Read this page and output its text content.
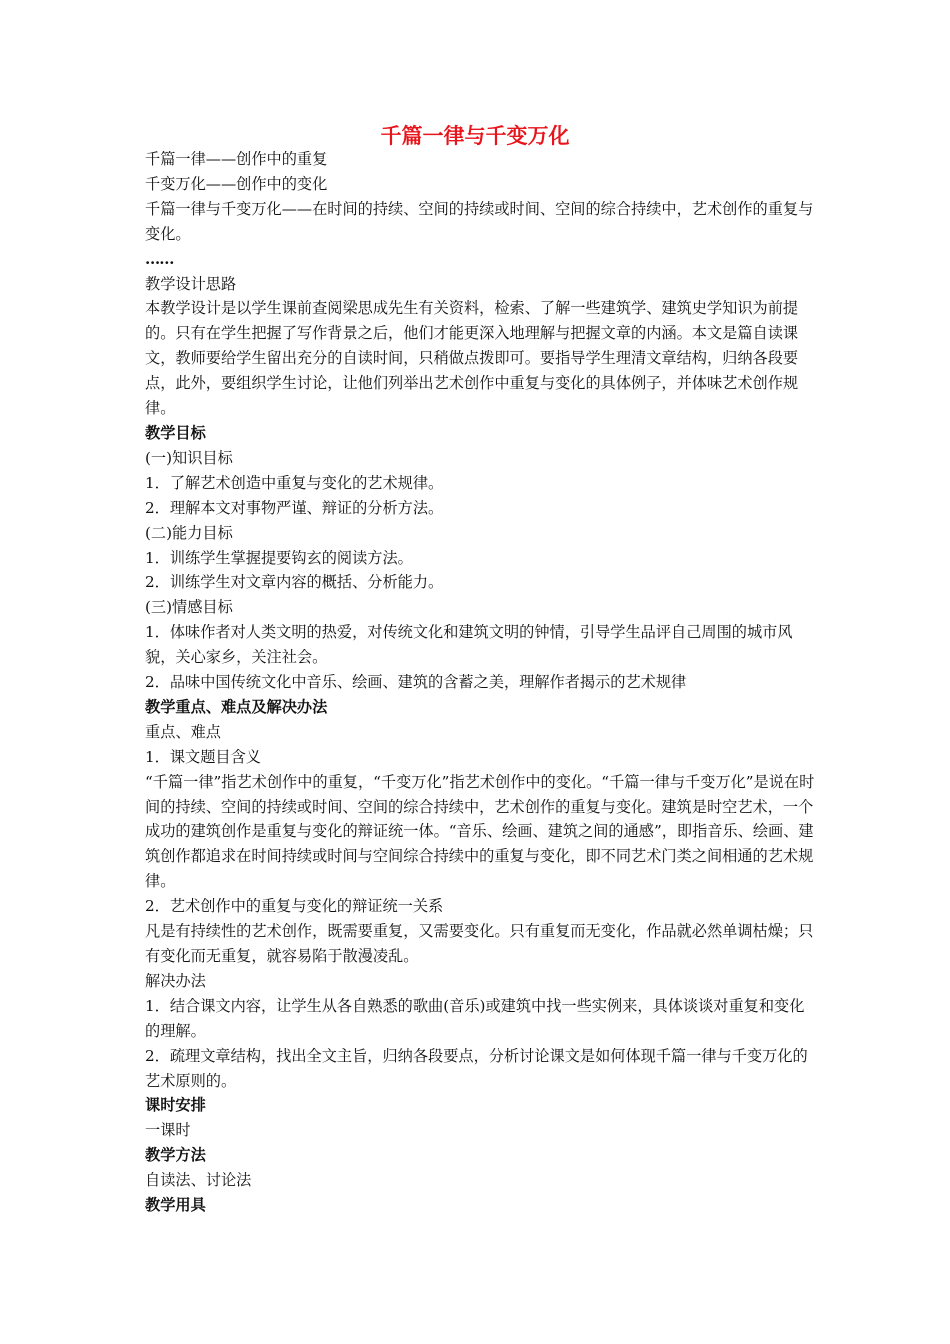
千篇一律与千变万化

千篇一律——创作中的重复

千变万化——创作中的变化

千篇一律与千变万化——在时间的持续、空间的持续或时间、空间的综合持续中，艺术创作的重复与变化。

……

教学设计思路

本教学设计是以学生课前查阅梁思成先生有关资料，检索、了解一些建筑学、建筑史学知识为前提的。只有在学生把握了写作背景之后，他们才能更深入地理解与把握文章的内涵。本文是篇自读课文，教师要给学生留出充分的自读时间，只稍做点拨即可。要指导学生理清文章结构，归纳各段要点，此外，要组织学生讨论，让他们列举出艺术创作中重复与变化的具体例子，并体味艺术创作规律。

教学目标

(一)知识目标

1．了解艺术创造中重复与变化的艺术规律。

2．理解本文对事物严谨、辩证的分析方法。

(二)能力目标

1．训练学生掌握提要钩玄的阅读方法。

2．训练学生对文章内容的概括、分析能力。

(三)情感目标

1．体味作者对人类文明的热爱，对传统文化和建筑文明的钟情，引导学生品评自己周围的城市风貌，关心家乡，关注社会。

2．品味中国传统文化中音乐、绘画、建筑的含蓄之美，理解作者揭示的艺术规律

教学重点、难点及解决办法

重点、难点

1．课文题目含义

“千篇一律”指艺术创作中的重复，“千变万化”指艺术创作中的变化。“千篇一律与千变万化”是说在时间的持续、空间的持续或时间、空间的综合持续中，艺术创作的重复与变化。建筑是时空艺术，一个成功的建筑创作是重复与变化的辩证统一体。“音乐、绘画、建筑之间的通感”，即指音乐、绘画、建筑创作都追求在时间持续或时间与空间综合持续中的重复与变化，即不同艺术门类之间相通的艺术规律。

2．艺术创作中的重复与变化的辩证统一关系

凡是有持续性的艺术创作，既需要重复，又需要变化。只有重复而无变化，作品就必然单调枯燥；只有变化而无重复，就容易陷于散漫凌乱。

解决办法

1．结合课文内容，让学生从各自熟悉的歌曲(音乐)或建筑中找一些实例来，具体谈谈对重复和变化的理解。

2．疏理文章结构，找出全文主旨，归纳各段要点，分析讨论课文是如何体现千篇一律与千变万化的艺术原则的。

课时安排

一课时

教学方法

自读法、讨论法

教学用具
